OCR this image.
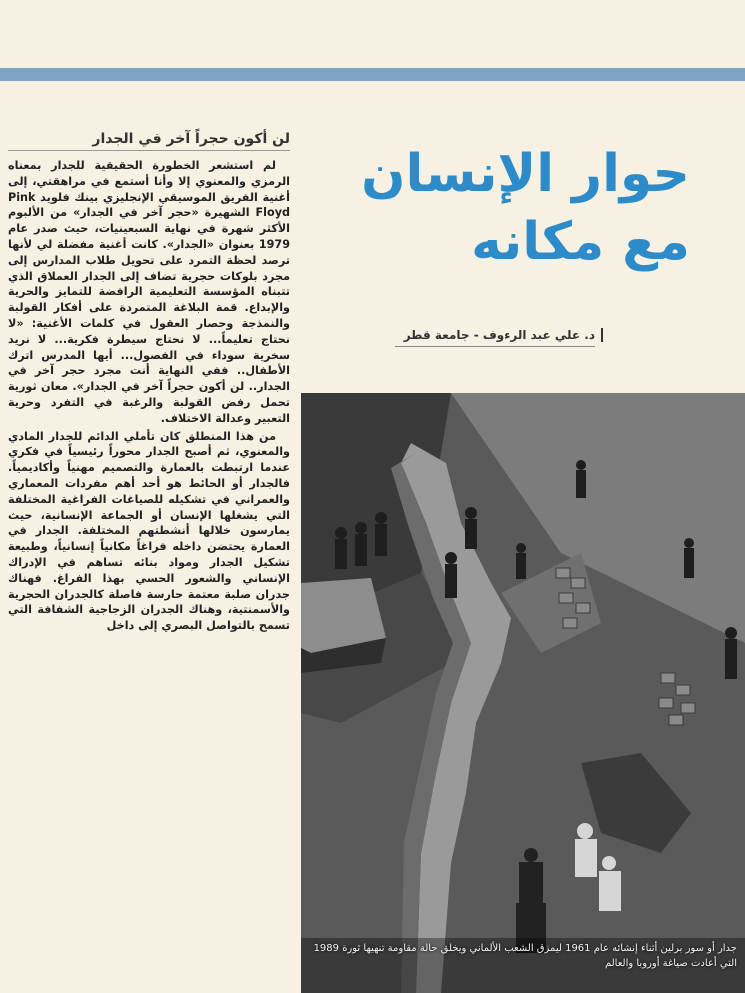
حوار الإنسان
مع مكانه
د. علي عبد الرءوف - جامعة قطر
لن أكون حجراً آخر في الجدار

لم استشعر الخطورة الحقيقية للجدار بمعناه الرمزي والمعنوي إلا وأنا أستمع في مراهقتي، إلى أغنية الفريق الموسيقي الإنجليزي بينك فلويد Pink Floyd الشهيرة «حجر آخر في الجدار» من الألبوم الأكثر شهرة في نهاية السبعينيات، حيث صدر عام 1979 بعنوان «الجدار». كانت أغنية مفضلة لي لأنها ترصد لحظة التمرد على تحويل طلاب المدارس إلى مجرد بلوكات حجرية تضاف إلى الجدار العملاق الذي تتبناه المؤسسة التعليمية الرافضة للتمايز والحرية والإبداع. قمة البلاغة المتمردة على أفكار القولبة والنمذجة وحصار العقول في كلمات الأغنية: «لا نحتاج تعليماً... لا نحتاج سيطرة فكرية... لا نريد سخرية سوداء في الفصول... أيها المدرس اترك الأطفال.. ففي النهاية أنت مجرد حجر آخر في الجدار.. لن أكون حجراً آخر في الجدار». معان ثورية تحمل رفض القولبة والرغبة في التفرد وحرية التعبير وعدالة الاختلاف.

من هذا المنطلق كان تأملي الدائم للجدار المادي والمعنوي، ثم أصبح الجدار محوراً رئيسياً في فكري عندما ارتبطت بالعمارة والتصميم مهنياً وأكاديمياً. فالجدار أو الحائط هو أحد أهم مفردات المعماري والعمراني في تشكيله للصياغات الفراغية المختلفة التي يشغلها الإنسان أو الجماعة الإنسانية، حيث يمارسون خلالها أنشطتهم المختلفة. الجدار في العمارة يحتضن داخله فراغاً مكانياً إنسانياً، وطبيعة تشكيل الجدار ومواد بنائه تساهم في الإدراك الإنساني والشعور الحسي بهذا الفراغ. فهناك جدران صلبة معتمة حارسة فاصلة كالجدران الحجرية والأسمنتية، وهناك الجدران الزجاجية الشفافة التي تسمح بالتواصل البصري إلى داخل

جدار أو سور برلين أثناء إنشائه عام 1961 ليمزق الشعب الألماني ويخلق حالة مقاومة تنهيها ثورة 1989 التي أعادت صياغة أوروبا والعالم
